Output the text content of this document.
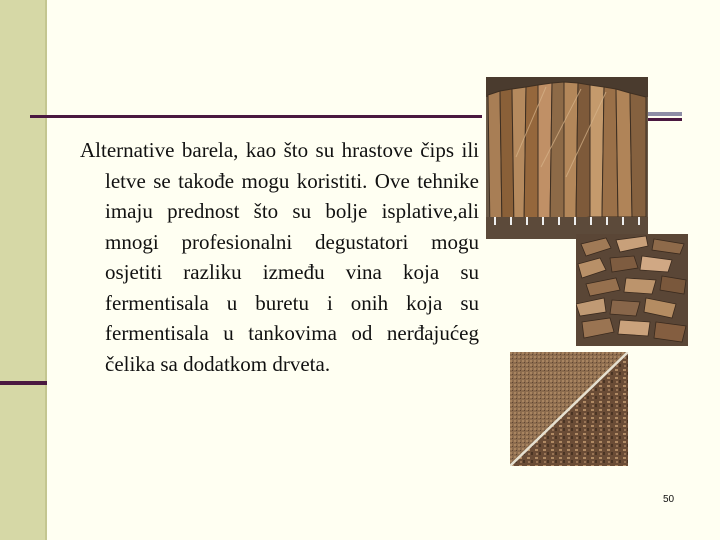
Alternative barela, kao što su hrastove čips ili letve se takođe mogu koristiti. Ove tehnike imaju prednost što su bolje isplative,ali mnogi profesionalni degustatori mogu osjetiti razliku između vina koja su fermentisala u buretu i onih koja su fermentisala u tankovima od nerđajućeg čelika sa dodatkom drveta.

50
